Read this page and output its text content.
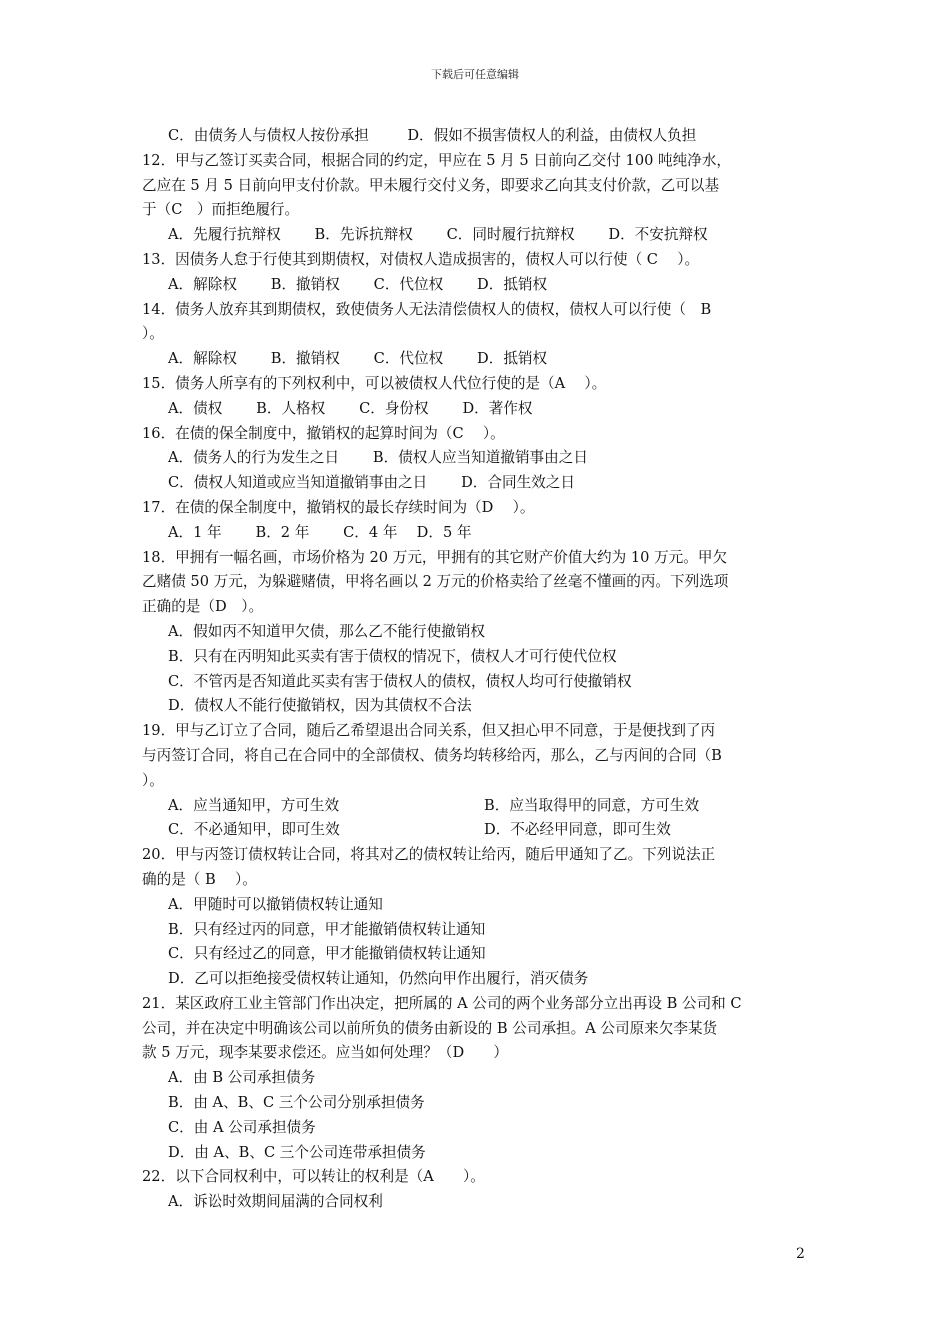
下载后可任意编辑
C．由债务人与债权人按份承担 　　 D．假如不损害债权人的利益，由债权人负担
12．甲与乙签订买卖合同，根据合同的约定，甲应在 5 月 5 日前向乙交付 100 吨纯净水，
乙应在 5 月 5 日前向甲支付价款。甲未履行交付义务，即要求乙向其支付价款，乙可以基
于（C　）而拒绝履行。
A．先履行抗辩权　　 B．先诉抗辩权　　 C．同时履行抗辩权　　 D．不安抗辩权
13．因债务人怠于行使其到期债权，对债权人造成损害的，债权人可以行使（ C　 ）。
A．解除权　　 B．撤销权　　 C．代位权　　 D．抵销权
14．债务人放弃其到期债权，致使债务人无法清偿债权人的债权，债权人可以行使（　B
）。
A．解除权　　 B．撤销权　　 C．代位权　　 D．抵销权
15．债务人所享有的下列权利中，可以被债权人代位行使的是（A　 ）。
A．债权　　 B．人格权　　 C．身份权　　 D．著作权
16．在债的保全制度中，撤销权的起算时间为（C　 ）。
A．债务人的行为发生之日　　 B．债权人应当知道撤销事由之日
C．债权人知道或应当知道撤销事由之日　　 D．合同生效之日
17．在债的保全制度中，撤销权的最长存续时间为（D　 ）。
A．1 年　　 B．2 年　　 C．4 年　 D．5 年
18．甲拥有一幅名画，市场价格为 20 万元，甲拥有的其它财产价值大约为 10 万元。甲欠
乙赌债 50 万元，为躲避赌债，甲将名画以 2 万元的价格卖给了丝毫不懂画的丙。下列选项
正确的是（D　）。
A．假如丙不知道甲欠债，那么乙不能行使撤销权
B．只有在丙明知此买卖有害于债权的情况下，债权人才可行使代位权
C．不管丙是否知道此买卖有害于债权人的债权，债权人均可行使撤销权
D．债权人不能行使撤销权，因为其债权不合法
19．甲与乙订立了合同，随后乙希望退出合同关系，但又担心甲不同意，于是便找到了丙
与丙签订合同，将自己在合同中的全部债权、债务均转移给丙，那么，乙与丙间的合同（B
）。
A．应当通知甲，方可生效	B．应当取得甲的同意，方可生效
C．不必通知甲，即可生效	D．不必经甲同意，即可生效
20．甲与丙签订债权转让合同，将其对乙的债权转让给丙，随后甲通知了乙。下列说法正
确的是（ B　 ）。
A．甲随时可以撤销债权转让通知
B．只有经过丙的同意，甲才能撤销债权转让通知
C．只有经过乙的同意，甲才能撤销债权转让通知
D．乙可以拒绝接受债权转让通知，仍然向甲作出履行，消灭债务
21．某区政府工业主管部门作出决定，把所属的 A 公司的两个业务部分立出再设 B 公司和 C
公司，并在决定中明确该公司以前所负的债务由新设的 B 公司承担。A 公司原来欠李某货
款 5 万元，现李某要求偿还。应当如何处理？（D　　）
A．由 B 公司承担债务
B．由 A、B、C 三个公司分别承担债务
C．由 A 公司承担债务
D．由 A、B、C 三个公司连带承担债务
22．以下合同权利中，可以转让的权利是（A　　）。
A．诉讼时效期间届满的合同权利
2
